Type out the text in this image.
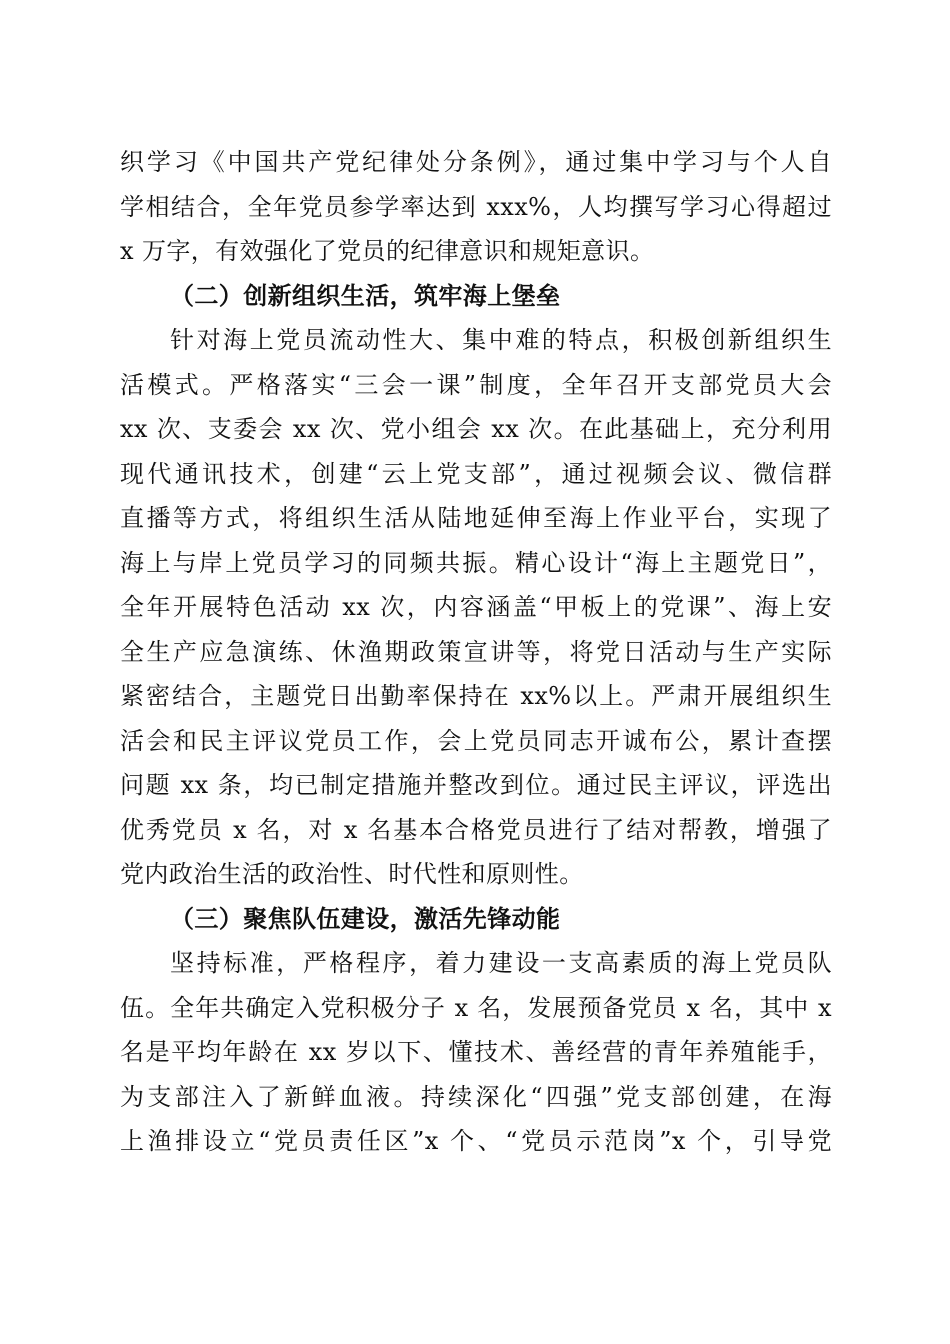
织学习《中国共产党纪律处分条例》，通过集中学习与个人自
学相结合，全年党员参学率达到 xxx%，人均撰写学习心得超过
x 万字，有效强化了党员的纪律意识和规矩意识。
（二）创新组织生活，筑牢海上堡垒
针对海上党员流动性大、集中难的特点，积极创新组织生
活模式。严格落实“三会一课”制度，全年召开支部党员大会
xx 次、支委会 xx 次、党小组会 xx 次。在此基础上，充分利用
现代通讯技术，创建“云上党支部”，通过视频会议、微信群
直播等方式，将组织生活从陆地延伸至海上作业平台，实现了
海上与岸上党员学习的同频共振。精心设计“海上主题党日”，
全年开展特色活动 xx 次，内容涵盖“甲板上的党课”、海上安
全生产应急演练、休渔期政策宣讲等，将党日活动与生产实际
紧密结合，主题党日出勤率保持在 xx%以上。严肃开展组织生
活会和民主评议党员工作，会上党员同志开诚布公，累计查摆
问题 xx 条，均已制定措施并整改到位。通过民主评议，评选出
优秀党员 x 名，对 x 名基本合格党员进行了结对帮教，增强了
党内政治生活的政治性、时代性和原则性。
（三）聚焦队伍建设，激活先锋动能
坚持标准，严格程序，着力建设一支高素质的海上党员队
伍。全年共确定入党积极分子 x 名，发展预备党员 x 名，其中 x
名是平均年龄在 xx 岁以下、懂技术、善经营的青年养殖能手，
为支部注入了新鲜血液。持续深化“四强”党支部创建，在海
上渔排设立“党员责任区”x 个、“党员示范岗”x 个，引导党
